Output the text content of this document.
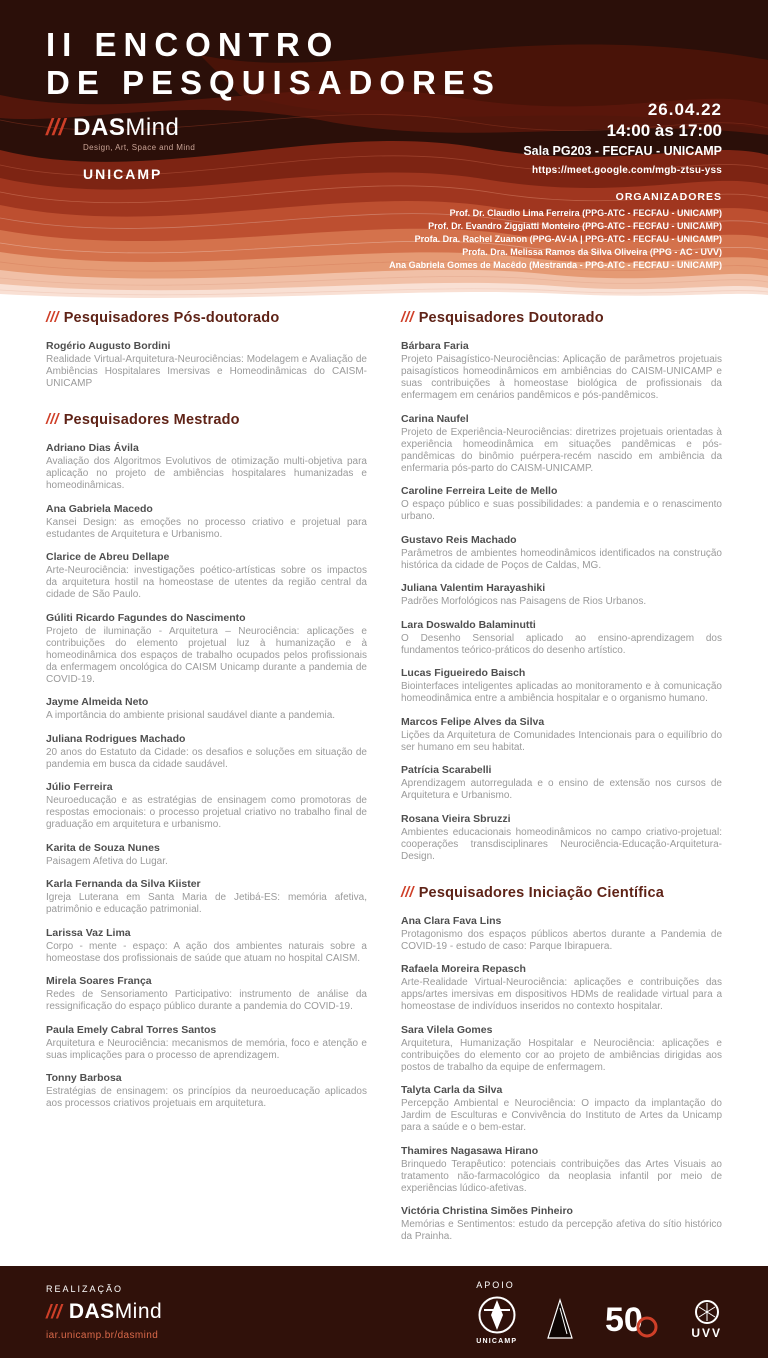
II ENCONTRO
DE PESQUISADORES
/// DASMind
Design, Art, Space and Mind
UNICAMP
26.04.22
14:00 às 17:00
Sala PG203 - FECFAU - UNICAMP
https://meet.google.com/mgb-ztsu-yss
ORGANIZADORES
Prof. Dr. Claudio Lima Ferreira (PPG-ATC - FECFAU - UNICAMP)
Prof. Dr. Evandro Ziggiatti Monteiro (PPG-ATC - FECFAU - UNICAMP)
Profa. Dra. Rachel Zuanon (PPG-AV-IA | PPG-ATC - FECFAU - UNICAMP)
Profa. Dra. Melissa Ramos da Silva Oliveira (PPG - AC - UVV)
Ana Gabriela Gomes de Macêdo (Mestranda - PPG-ATC - FECFAU - UNICAMP)
/// Pesquisadores Pós-doutorado
Rogério Augusto Bordini
Realidade Virtual-Arquitetura-Neurociências: Modelagem e Avaliação de Ambiências Hospitalares Imersivas e Homeodinâmicas do CAISM-UNICAMP
/// Pesquisadores Mestrado
Adriano Dias Ávila
Avaliação dos Algoritmos Evolutivos de otimização multi-objetiva para aplicação no projeto de ambiências hospitalares humanizadas e homeodinâmicas.
Ana Gabriela Macedo
Kansei Design: as emoções no processo criativo e projetual para estudantes de Arquitetura e Urbanismo.
Clarice de Abreu Dellape
Arte-Neurociência: investigações poético-artísticas sobre os impactos da arquitetura hostil na homeostase de utentes da região central da cidade de São Paulo.
Gúliti Ricardo Fagundes do Nascimento
Projeto de iluminação - Arquitetura – Neurociência: aplicações e contribuições do elemento projetual luz à humanização e à homeodinâmica dos espaços de trabalho ocupados pelos profissionais da enfermagem oncológica do CAISM Unicamp durante a pandemia de COVID-19.
Jayme Almeida Neto
A importância do ambiente prisional saudável diante a pandemia.
Juliana Rodrigues Machado
20 anos do Estatuto da Cidade: os desafios e soluções em situação de pandemia em busca da cidade saudável.
Júlio Ferreira
Neuroeducação e as estratégias de ensinagem como promotoras de respostas emocionais: o processo projetual criativo no trabalho final de graduação em arquitetura e urbanismo.
Karita de Souza Nunes
Paisagem Afetiva do Lugar.
Karla Fernanda da Silva Kiister
Igreja Luterana em Santa Maria de Jetibá-ES: memória afetiva, patrimônio e educação patrimonial.
Larissa Vaz Lima
Corpo - mente - espaço: A ação dos ambientes naturais sobre a homeostase dos profissionais de saúde que atuam no hospital CAISM.
Mirela Soares França
Redes de Sensoriamento Participativo: instrumento de análise da ressignificação do espaço público durante a pandemia do COVID-19.
Paula Emely Cabral Torres Santos
Arquitetura e Neurociência: mecanismos de memória, foco e atenção e suas implicações para o processo de aprendizagem.
Tonny Barbosa
Estratégias de ensinagem: os princípios da neuroeducação aplicados aos processos criativos projetuais em arquitetura.
/// Pesquisadores Doutorado
Bárbara Faria
Projeto Paisagístico-Neurociências: Aplicação de parâmetros projetuais paisagísticos homeodinâmicos em ambiências do CAISM-UNICAMP e suas contribuições à homeostase biológica de profissionais da enfermagem em cenários pandêmicos e pós-pandêmicos.
Carina Naufel
Projeto de Experiência-Neurociências: diretrizes projetuais orientadas à experiência homeodinâmica em situações pandêmicas e pós-pandêmicas do binômio puérpera-recém nascido em ambiência da enfermaria pós-parto do CAISM-UNICAMP.
Caroline Ferreira Leite de Mello
O espaço público e suas possibilidades: a pandemia e o renascimento urbano.
Gustavo Reis Machado
Parâmetros de ambientes homeodinâmicos identificados na construção histórica da cidade de Poços de Caldas, MG.
Juliana Valentim Harayashiki
Padrões Morfológicos nas Paisagens de Rios Urbanos.
Lara Doswaldo Balaminutti
O Desenho Sensorial aplicado ao ensino-aprendizagem dos fundamentos teórico-práticos do desenho artístico.
Lucas Figueiredo Baisch
Biointerfaces inteligentes aplicadas ao monitoramento e à comunicação homeodinâmica entre a ambiência hospitalar e o organismo humano.
Marcos Felipe Alves da Silva
Lições da Arquitetura de Comunidades Intencionais para o equilíbrio do ser humano em seu habitat.
Patrícia Scarabelli
Aprendizagem autorregulada e o ensino de extensão nos cursos de Arquitetura e Urbanismo.
Rosana Vieira Sbruzzi
Ambientes educacionais homeodinâmicos no campo criativo-projetual: cooperações transdisciplinares Neurociência-Educação-Arquitetura-Design.
/// Pesquisadores Iniciação Científica
Ana Clara Fava Lins
Protagonismo dos espaços públicos abertos durante a Pandemia de COVID-19 - estudo de caso: Parque Ibirapuera.
Rafaela Moreira Repasch
Arte-Realidade Virtual-Neurociência: aplicações e contribuições das apps/artes imersivas em dispositivos HDMs de realidade virtual para a homeostase de indivíduos inseridos no contexto hospitalar.
Sara Vilela Gomes
Arquitetura, Humanização Hospitalar e Neurociência: aplicações e contribuições do elemento cor ao projeto de ambiências dirigidas aos postos de trabalho da equipe de enfermagem.
Talyta Carla da Silva
Percepção Ambiental e Neurociência: O impacto da implantação do Jardim de Esculturas e Convivência do Instituto de Artes da Unicamp para a saúde e o bem-estar.
Thamires Nagasawa Hirano
Brinquedo Terapêutico: potenciais contribuições das Artes Visuais ao tratamento não-farmacológico da neoplasia infantil por meio de experiências lúdico-afetivas.
Victória Christina Simões Pinheiro
Memórias e Sentimentos: estudo da percepção afetiva do sítio histórico da Prainha.
REALIZAÇÃO
/// DASMind
iar.unicamp.br/dasmind
APOIO
UNICAMP
50	UVV
